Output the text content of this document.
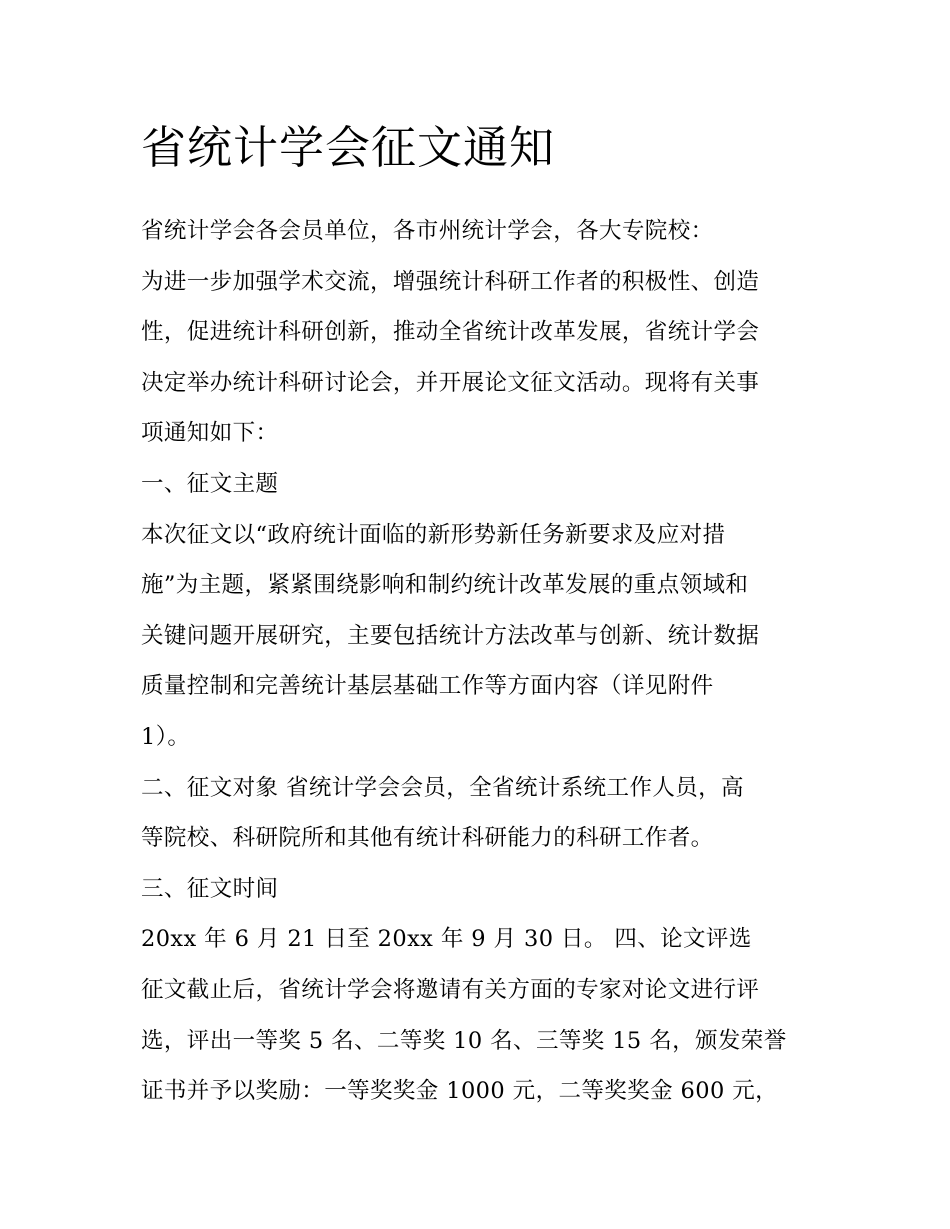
省统计学会征文通知
省统计学会各会员单位，各市州统计学会，各大专院校：
为进一步加强学术交流，增强统计科研工作者的积极性、创造
性，促进统计科研创新，推动全省统计改革发展，省统计学会
决定举办统计科研讨论会，并开展论文征文活动。现将有关事
项通知如下：
一、征文主题
本次征文以“政府统计面临的新形势新任务新要求及应对措
施”为主题，紧紧围绕影响和制约统计改革发展的重点领域和
关键问题开展研究，主要包括统计方法改革与创新、统计数据
质量控制和完善统计基层基础工作等方面内容（详见附件
1）。
二、征文对象 省统计学会会员，全省统计系统工作人员，高
等院校、科研院所和其他有统计科研能力的科研工作者。
三、征文时间
20xx 年 6 月 21 日至 20xx 年 9 月 30 日。 四、论文评选
征文截止后，省统计学会将邀请有关方面的专家对论文进行评
选，评出一等奖 5 名、二等奖 10 名、三等奖 15 名，颁发荣誉
证书并予以奖励：一等奖奖金 1000 元，二等奖奖金 600 元，
